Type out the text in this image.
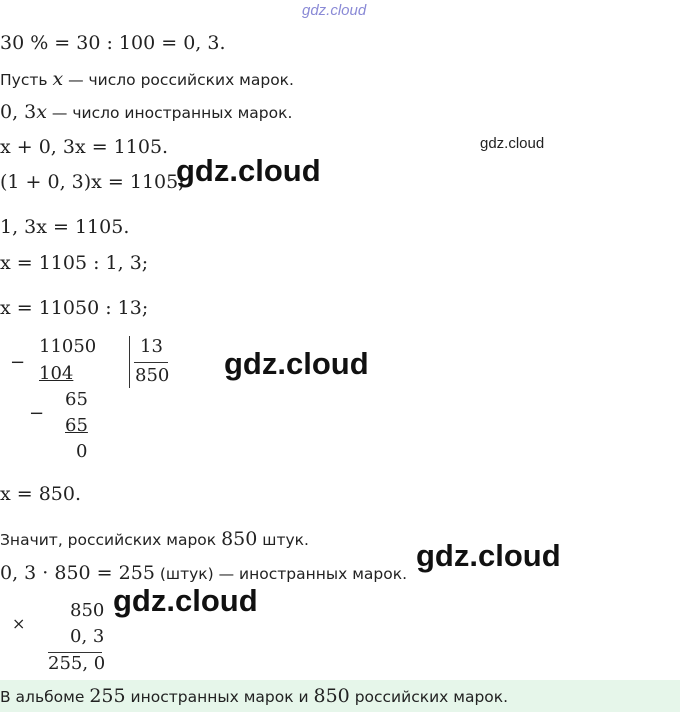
gdz.cloud
gdz.cloud
gdz.cloud
gdz.cloud
gdz.cloud
gdz.cloud
30 % = 30 : 100 = 0, 3.
Пусть x — число российских марок.
0, 3x — число иностранных марок.
x + 0, 3x = 1105.
(1 + 0, 3)x = 1105;
1, 3x = 1105.
x = 1105 : 1, 3;
x = 11050 : 13;
−
11050
104
13
850
−
65
65
0
x = 850.
Значит, российских марок 850 штук.
0, 3 · 850 = 255 (штук) — иностранных марок.
×
850
0, 3
255, 0
В альбоме 255 иностранных марок и 850 российских марок.
